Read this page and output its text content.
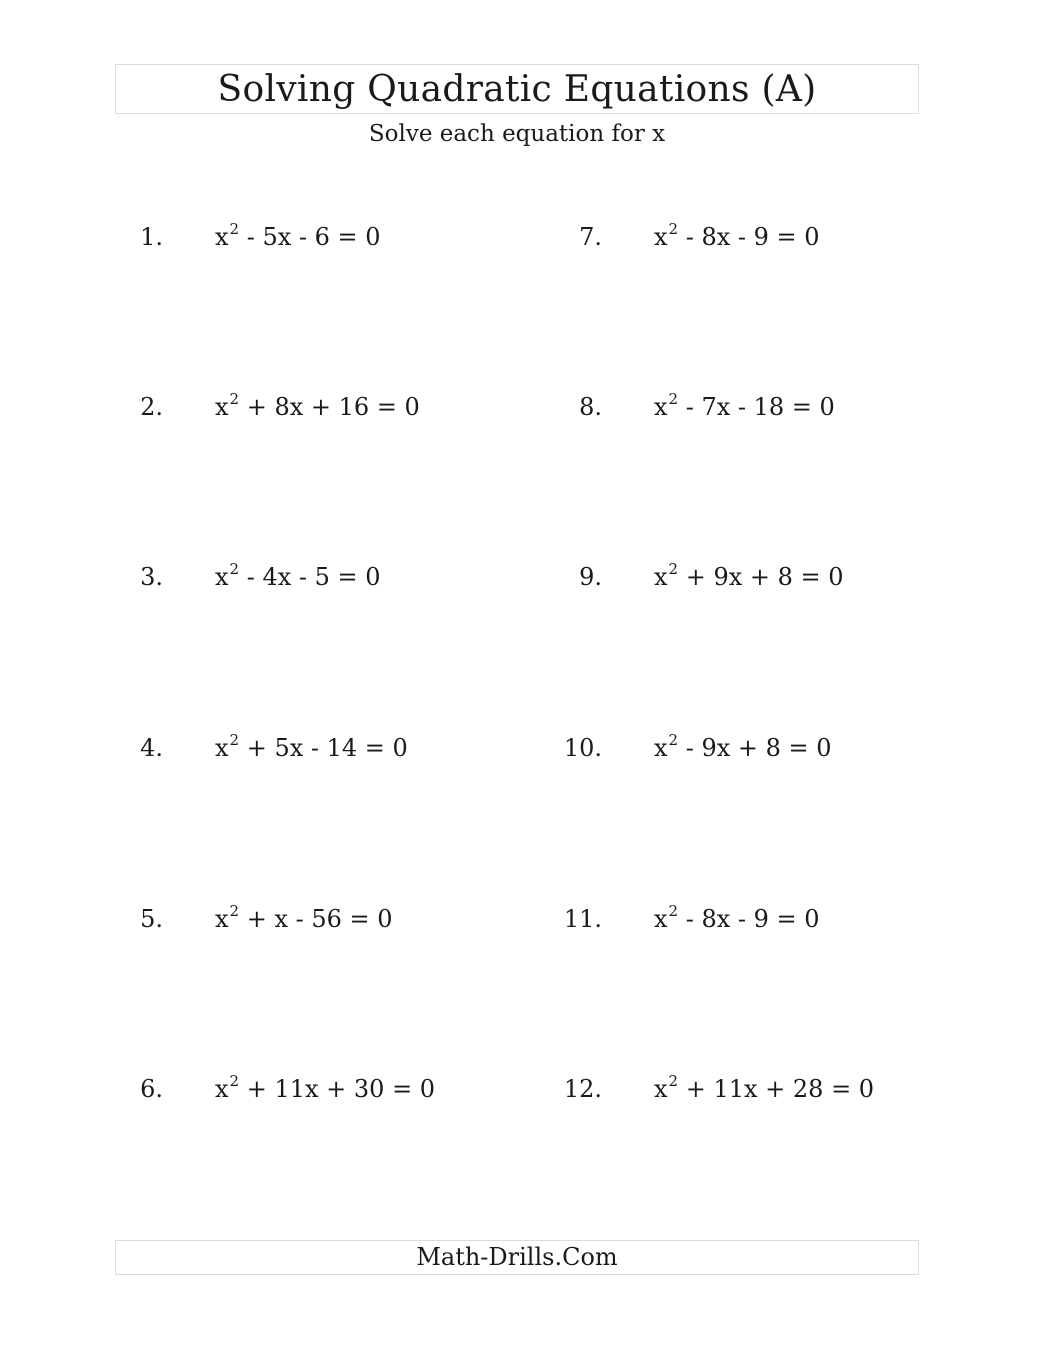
Solving Quadratic Equations (A)
Solve each equation for x
1. $x^2 - 5x - 6 = 0$
2. $x^2 + 8x + 16 = 0$
3. $x^2 - 4x - 5 = 0$
4. $x^2 + 5x - 14 = 0$
5. $x^2 + x - 56 = 0$
6. $x^2 + 11x + 30 = 0$
7. $x^2 - 8x - 9 = 0$
8. $x^2 - 7x - 18 = 0$
9. $x^2 + 9x + 8 = 0$
10. $x^2 - 9x + 8 = 0$
11. $x^2 - 8x - 9 = 0$
12. $x^2 + 11x + 28 = 0$
Math-Drills.Com
